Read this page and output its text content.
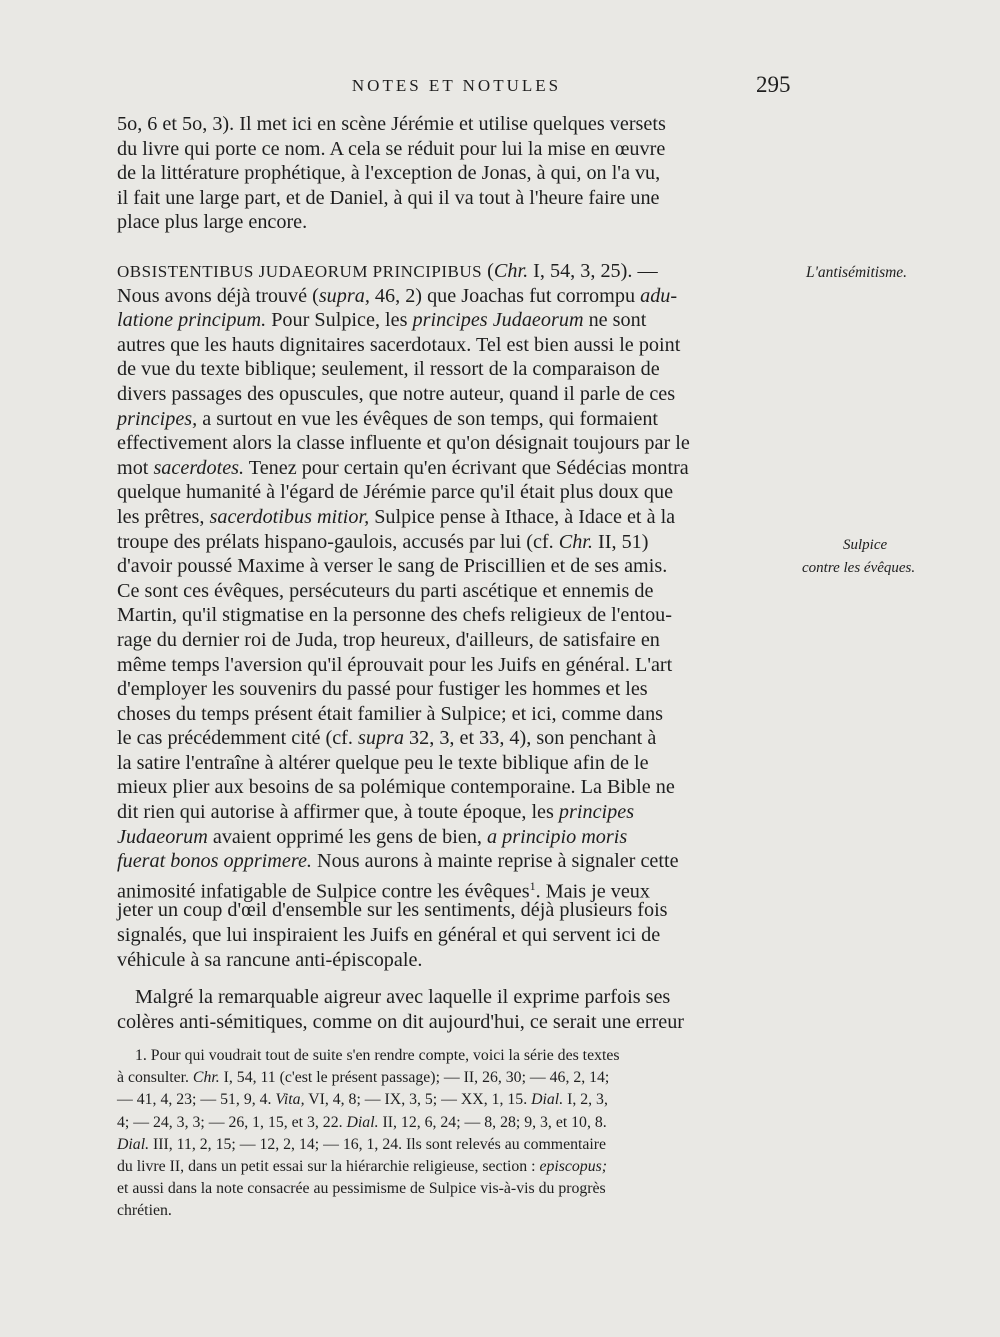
NOTES ET NOTULES	295
5o, 6 et 5o, 3). Il met ici en scène Jérémie et utilise quelques versets
du livre qui porte ce nom. A cela se réduit pour lui la mise en œuvre
de la littérature prophétique, à l'exception de Jonas, à qui, on l'a vu,
il fait une large part, et de Daniel, à qui il va tout à l'heure faire une
place plus large encore.
OBSISTENTIBUS JUDAEORUM PRINCIPIBUS (Chr. I, 54, 3, 25). —
Nous avons déjà trouvé (supra, 46, 2) que Joachas fut corrompu adu-
latione principum. Pour Sulpice, les principes Judaeorum ne sont
autres que les hauts dignitaires sacerdotaux. Tel est bien aussi le point
de vue du texte biblique; seulement, il ressort de la comparaison de
divers passages des opuscules, que notre auteur, quand il parle de ces
principes, a surtout en vue les évêques de son temps, qui formaient
effectivement alors la classe influente et qu'on désignait toujours par le
mot sacerdotes. Tenez pour certain qu'en écrivant que Sédécias montra
quelque humanité à l'égard de Jérémie parce qu'il était plus doux que
les prêtres, sacerdotibus mitior, Sulpice pense à Ithace, à Idace et à la
troupe des prélats hispano-gaulois, accusés par lui (cf. Chr. II, 51)
d'avoir poussé Maxime à verser le sang de Priscillien et de ses amis.
Ce sont ces évêques, persécuteurs du parti ascétique et ennemis de
Martin, qu'il stigmatise en la personne des chefs religieux de l'entou-
rage du dernier roi de Juda, trop heureux, d'ailleurs, de satisfaire en
même temps l'aversion qu'il éprouvait pour les Juifs en général. L'art
d'employer les souvenirs du passé pour fustiger les hommes et les
choses du temps présent était familier à Sulpice; et ici, comme dans
le cas précédemment cité (cf. supra 32, 3, et 33, 4), son penchant à
la satire l'entraîne à altérer quelque peu le texte biblique afin de le
mieux plier aux besoins de sa polémique contemporaine. La Bible ne
dit rien qui autorise à affirmer que, à toute époque, les principes
Judaeorum avaient opprimé les gens de bien, a principio moris
fuerat bonos opprimere. Nous aurons à mainte reprise à signaler cette
animosité infatigable de Sulpice contre les évêques$^1$. Mais je veux
jeter un coup d'œil d'ensemble sur les sentiments, déjà plusieurs fois
signalés, que lui inspiraient les Juifs en général et qui servent ici de
véhicule à sa rancune anti-épiscopale.
Malgré la remarquable aigreur avec laquelle il exprime parfois ses
colères anti-sémitiques, comme on dit aujourd'hui, ce serait une erreur
L'antisémitisme.
Sulpice
contre les évêques.
1. Pour qui voudrait tout de suite s'en rendre compte, voici la série des textes
à consulter. Chr. I, 54, 11 (c'est le présent passage); — II, 26, 30; — 46, 2, 14;
— 41, 4, 23; — 51, 9, 4. Vita, VI, 4, 8; — IX, 3, 5; — XX, 1, 15. Dial. I, 2, 3,
4; — 24, 3, 3; — 26, 1, 15, et 3, 22. Dial. II, 12, 6, 24; — 8, 28; 9, 3, et 10, 8.
Dial. III, 11, 2, 15; — 12, 2, 14; — 16, 1, 24. Ils sont relevés au commentaire
du livre II, dans un petit essai sur la hiérarchie religieuse, section : episcopus;
et aussi dans la note consacrée au pessimisme de Sulpice vis-à-vis du progrès
chrétien.
